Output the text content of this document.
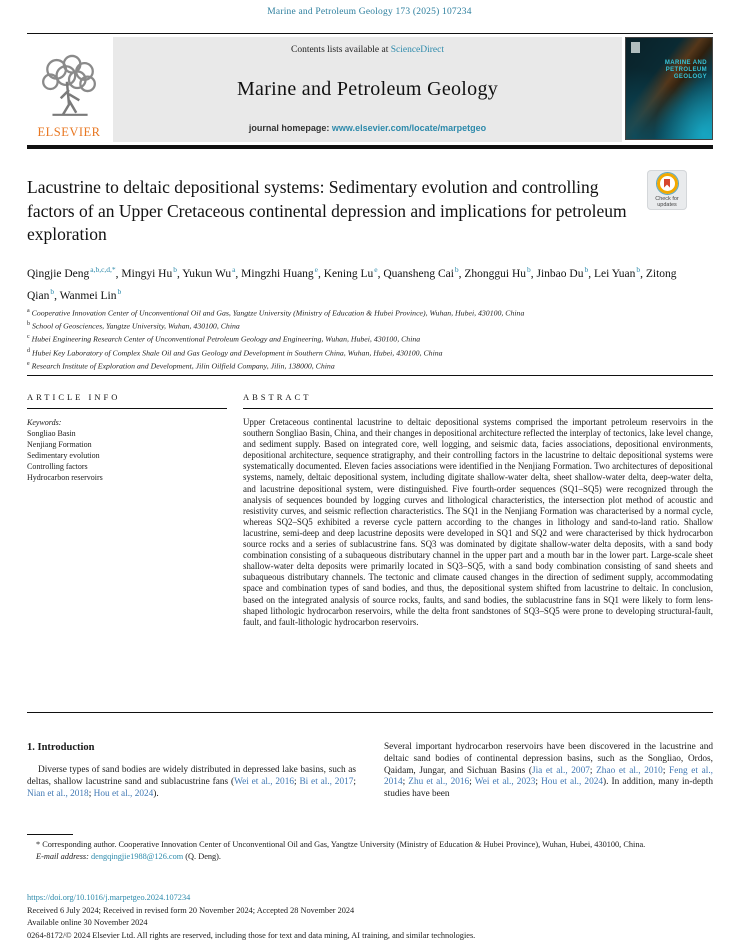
Marine and Petroleum Geology 173 (2025) 107234
ELSEVIER
Contents lists available at ScienceDirect
Marine and Petroleum Geology
journal homepage: www.elsevier.com/locate/marpetgeo
MARINE AND PETROLEUM GEOLOGY
Lacustrine to deltaic depositional systems: Sedimentary evolution and controlling factors of an Upper Cretaceous continental depression and implications for petroleum exploration
Check for
updates
Qingjie Deng $^{a,b,c,d,*}$ , Mingyi Hu $^b$ , Yukun Wu $^a$ , Mingzhi Huang $^e$ , Kening Lu $^e$ , Quansheng Cai $^b$ , Zhonggui Hu $^b$ , Jinbao Du $^b$ , Lei Yuan $^b$ , Zitong Qian $^b$ , Wanmei Lin $^b$
$^a$ Cooperative Innovation Center of Unconventional Oil and Gas, Yangtze University (Ministry of Education & Hubei Province), Wuhan, Hubei, 430100, China
$^b$ School of Geosciences, Yangtze University, Wuhan, 430100, China
$^c$ Hubei Engineering Research Center of Unconventional Petroleum Geology and Engineering, Wuhan, Hubei, 430100, China
$^d$ Hubei Key Laboratory of Complex Shale Oil and Gas Geology and Development in Southern China, Wuhan, Hubei, 430100, China
$^e$ Research Institute of Exploration and Development, Jilin Oilfield Company, Jilin, 138000, China
ARTICLE INFO
Keywords:
Songliao Basin
Nenjiang Formation
Sedimentary evolution
Controlling factors
Hydrocarbon reservoirs
ABSTRACT
Upper Cretaceous continental lacustrine to deltaic depositional systems comprised the important petroleum reservoirs in the southern Songliao Basin, China, and their changes in depositional architecture reflected the interplay of tectonics, lake level change, and sediment supply. Based on integrated core, well logging, and seismic data, facies associations, depositional environments, depositional architecture, sequence stratigraphy, and their controlling factors in the lacustrine to deltaic depositional systems were systematically documented. Eleven facies associations were identified in the Nenjiang Formation. Two architectures of depositional systems, namely, deltaic depositional system, including digitate shallow-water delta, sheet shallow-water delta, deep-water delta, and lacustrine depositional system, were distinguished. Five fourth-order sequences (SQ1–SQ5) were recognized through the analysis of sequences bounded by logging curves and lithological characteristics, the intersection plot method of acoustic and resistivity curves, and seismic reflection characteristics. The SQ1 in the Nenjiang Formation was characterised by a normal cycle, whereas SQ2–SQ5 exhibited a reverse cycle pattern according to the changes in lithology and sand-to-land ratio. Shallow lacustrine, semi-deep and deep lacustrine deposits were developed in SQ1 and SQ2 and were characterised by thick hydrocarbon source rocks and a series of sublacustrine fans. SQ3 was dominated by digitate shallow-water delta deposits, with a sand body combination consisting of a subaqueous distributary channel in the upper part and a mouth bar in the lower part. Large-scale sheet shallow-water delta deposits were primarily located in SQ3–SQ5, with a sand body combination consisting of sand sheets and subaqueous distributary channels. The tectonic and climate caused changes in the direction of sediment supply, accommodating space and combination types of sand bodies, and thus, the depositional system shifted from lacustrine to deltaic. In conclusion, based on the integrated analysis of source rocks, faults, and sand bodies, the sublacustrine fans in SQ1 were likely to form lens-shaped lithologic hydrocarbon reservoirs, while the delta front sandstones of SQ3–SQ5 were prone to developing structural-fault, fault, and fault-lithologic hydrocarbon reservoirs.
1. Introduction
Diverse types of sand bodies are widely distributed in depressed lake basins, such as deltas, shallow lacustrine sand and sublacustrine fans (Wei et al., 2016; Bi et al., 2017; Nian et al., 2018; Hou et al., 2024).
Several important hydrocarbon reservoirs have been discovered in the lacustrine and deltaic sand bodies of continental depression basins, such as the Songliao, Ordos, Qaidam, Jungar, and Sichuan Basins (Jia et al., 2007; Zhao et al., 2010; Feng et al., 2014; Zhu et al., 2016; Wei et al., 2023; Hou et al., 2024). In addition, many in-depth studies have been
* Corresponding author. Cooperative Innovation Center of Unconventional Oil and Gas, Yangtze University (Ministry of Education & Hubei Province), Wuhan, Hubei, 430100, China.
E-mail address: dengqingjie1988@126.com (Q. Deng).
https://doi.org/10.1016/j.marpetgeo.2024.107234
Received 6 July 2024; Received in revised form 20 November 2024; Accepted 28 November 2024
Available online 30 November 2024
0264-8172/© 2024 Elsevier Ltd. All rights are reserved, including those for text and data mining, AI training, and similar technologies.
